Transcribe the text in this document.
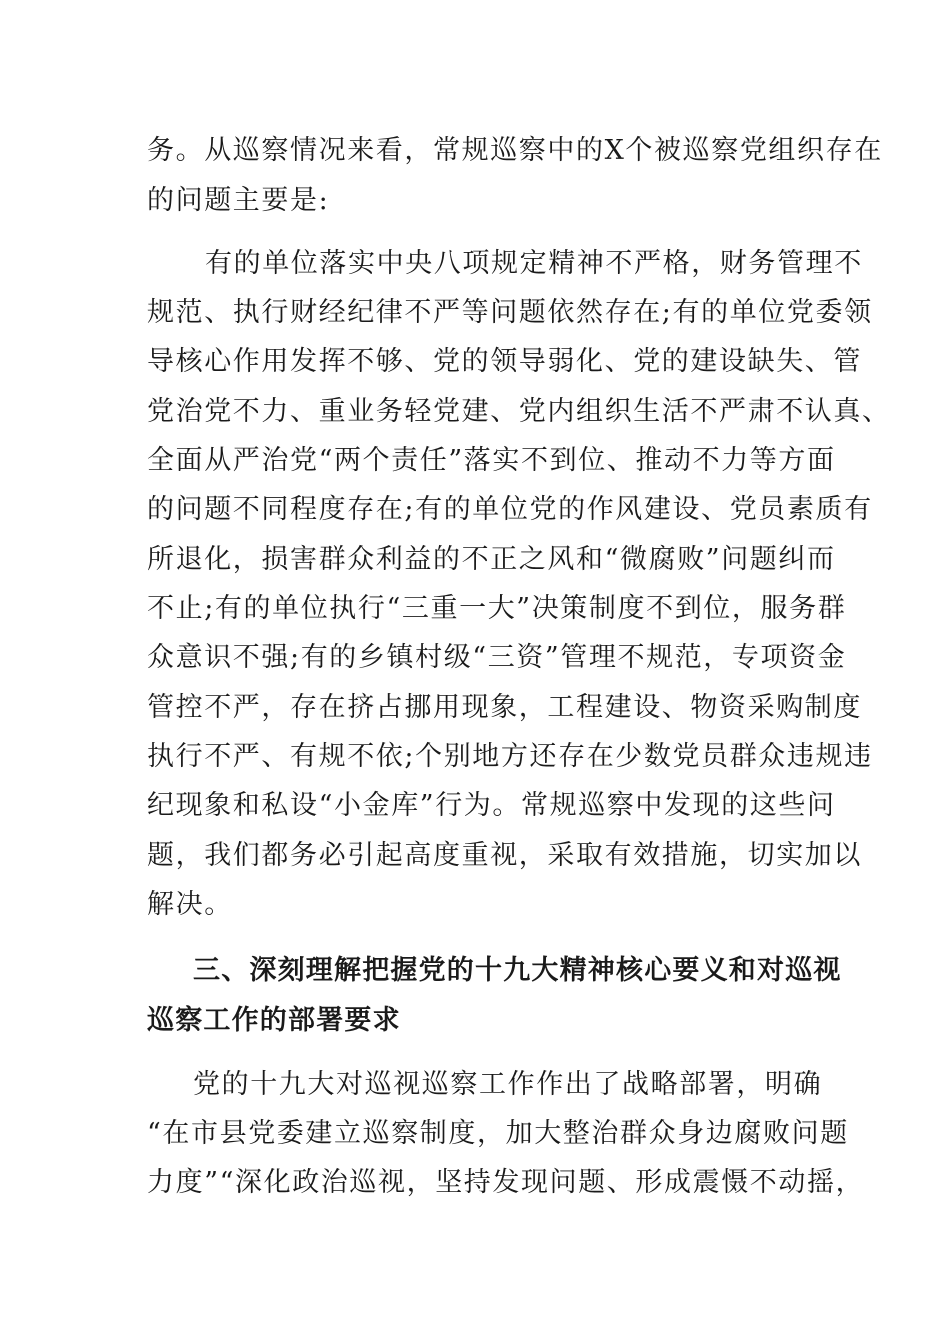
务。从巡察情况来看，常规巡察中的X个被巡察党组织存在
的问题主要是:
有的单位落实中央八项规定精神不严格，财务管理不
规范、执行财经纪律不严等问题依然存在;有的单位党委领
导核心作用发挥不够、党的领导弱化、党的建设缺失、管
党治党不力、重业务轻党建、党内组织生活不严肃不认真、
全面从严治党“两个责任”落实不到位、推动不力等方面
的问题不同程度存在;有的单位党的作风建设、党员素质有
所退化，损害群众利益的不正之风和“微腐败”问题纠而
不止;有的单位执行“三重一大”决策制度不到位，服务群
众意识不强;有的乡镇村级“三资”管理不规范，专项资金
管控不严，存在挤占挪用现象，工程建设、物资采购制度
执行不严、有规不依;个别地方还存在少数党员群众违规违
纪现象和私设“小金库”行为。常规巡察中发现的这些问
题，我们都务必引起高度重视，采取有效措施，切实加以
解决。
三、深刻理解把握党的十九大精神核心要义和对巡视
巡察工作的部署要求
党的十九大对巡视巡察工作作出了战略部署，明确
“在市县党委建立巡察制度，加大整治群众身边腐败问题
力度”“深化政治巡视，坚持发现问题、形成震慑不动摇，
